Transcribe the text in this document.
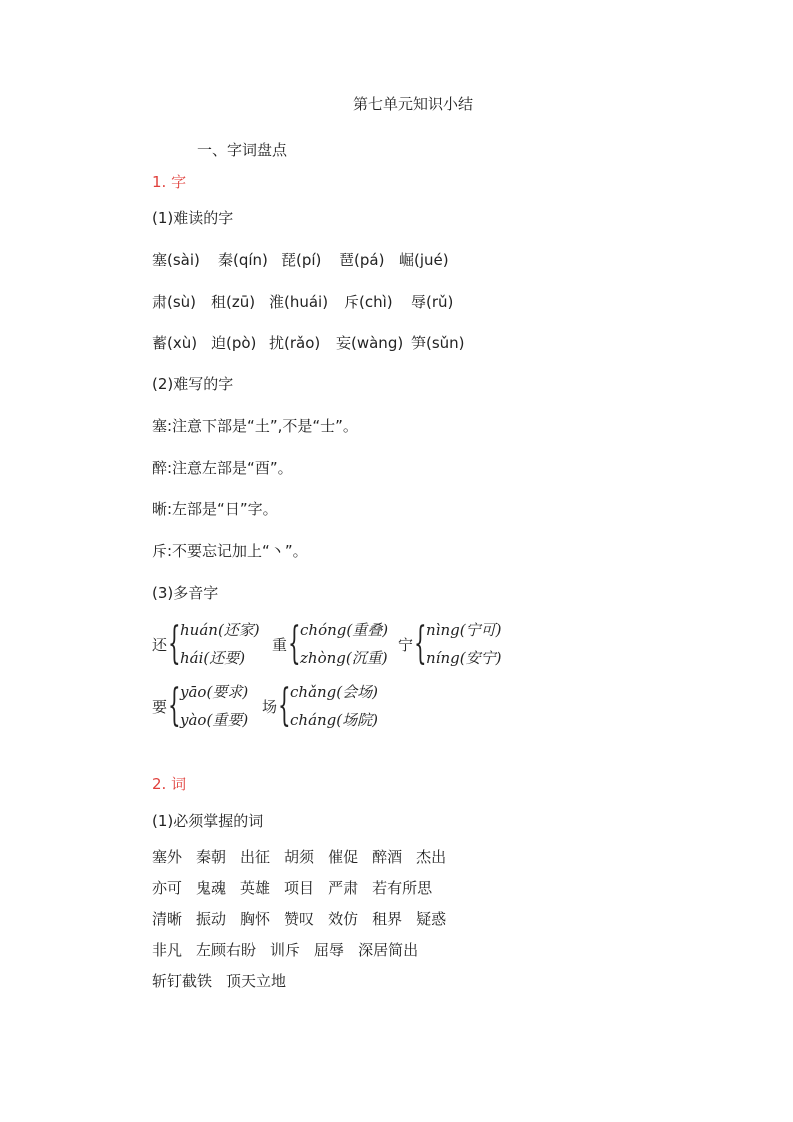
第七单元知识小结
一、字词盘点
1. 字
(1)难读的字
塞(sài) 秦(qín) 琵(pí) 琶(pá) 崛(jué)
肃(sù) 租(zū) 淮(huái) 斥(chì) 辱(rǔ)
蓄(xù) 迫(pò) 扰(rǎo) 妄(wàng) 笋(sǔn)
(2)难写的字
塞:注意下部是“土”,不是“士”。
醉:注意左部是“酉”。
晰:左部是“日”字。
斥:不要忘记加上“丶”。
(3)多音字
还 { huán(还家)
hái(还要)
重 { chóng(重叠)
zhòng(沉重)
宁 { nìng(宁可)
níng(安宁)
要 { yāo(要求)
yào(重要)
场 { chǎng(会场)
cháng(场院)
2. 词
(1)必须掌握的词
塞外 秦朝 出征 胡须 催促 醉酒 杰出
亦可 鬼魂 英雄 项目 严肃 若有所思
清晰 振动 胸怀 赞叹 效仿 租界 疑惑
非凡 左顾右盼 训斥 屈辱 深居简出
斩钉截铁 顶天立地
